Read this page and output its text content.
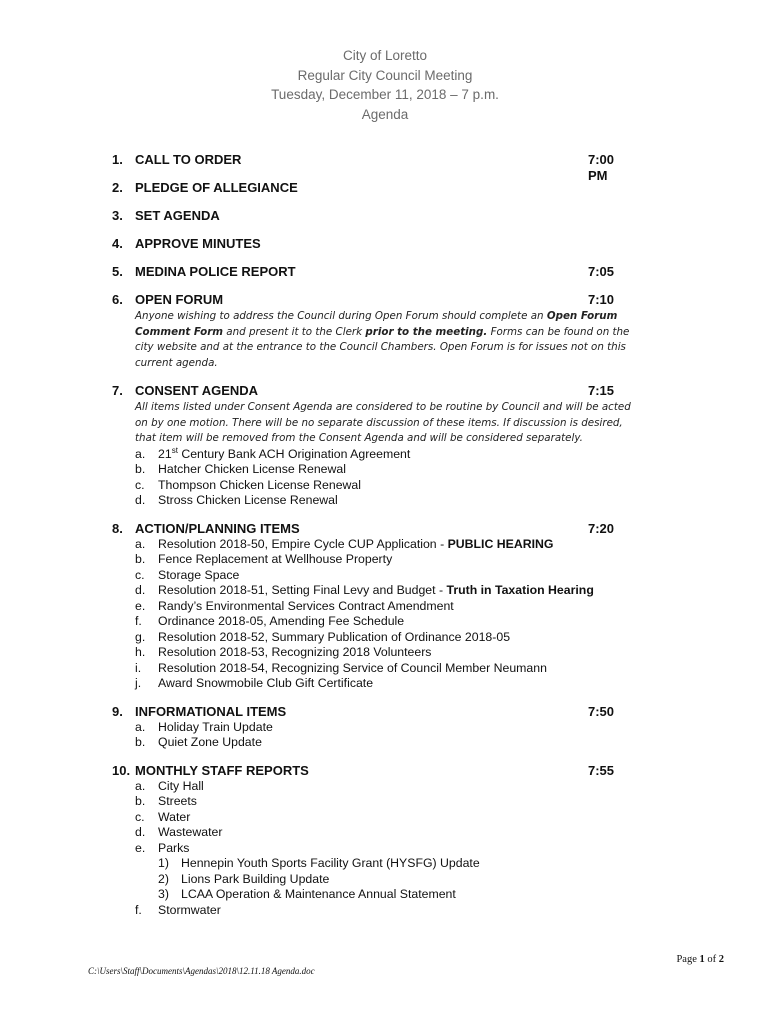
City of Loretto
Regular City Council Meeting
Tuesday, December 11, 2018 – 7 p.m.
Agenda
1. CALL TO ORDER	7:00 PM
2. PLEDGE OF ALLEGIANCE
3. SET AGENDA
4. APPROVE MINUTES
5. MEDINA POLICE REPORT	7:05
6. OPEN FORUM	7:10
Anyone wishing to address the Council during Open Forum should complete an Open Forum Comment Form and present it to the Clerk prior to the meeting. Forms can be found on the city website and at the entrance to the Council Chambers. Open Forum is for issues not on this current agenda.
7. CONSENT AGENDA	7:15
All items listed under Consent Agenda are considered to be routine by Council and will be acted on by one motion. There will be no separate discussion of these items. If discussion is desired, that item will be removed from the Consent Agenda and will be considered separately.
a.	21st Century Bank ACH Origination Agreement
b.	Hatcher Chicken License Renewal
c.	Thompson Chicken License Renewal
d.	Stross Chicken License Renewal
8. ACTION/PLANNING ITEMS	7:20
a.	Resolution 2018-50, Empire Cycle CUP Application - PUBLIC HEARING
b.	Fence Replacement at Wellhouse Property
c.	Storage Space
d.	Resolution 2018-51, Setting Final Levy and Budget - Truth in Taxation Hearing
e.	Randy’s Environmental Services Contract Amendment
f.	Ordinance 2018-05, Amending Fee Schedule
g.	Resolution 2018-52, Summary Publication of Ordinance 2018-05
h.	Resolution 2018-53, Recognizing 2018 Volunteers
i.	Resolution 2018-54, Recognizing Service of Council Member Neumann
j.	Award Snowmobile Club Gift Certificate
9. INFORMATIONAL ITEMS	7:50
a.	Holiday Train Update
b.	Quiet Zone Update
10. MONTHLY STAFF REPORTS	7:55
a.	City Hall
b.	Streets
c.	Water
d.	Wastewater
e.	Parks
1) Hennepin Youth Sports Facility Grant (HYSFG) Update
2) Lions Park Building Update
3) LCAA Operation & Maintenance Annual Statement
f.	Stormwater
Page 1 of 2
C:\Users\Staff\Documents\Agendas\2018\12.11.18 Agenda.doc
